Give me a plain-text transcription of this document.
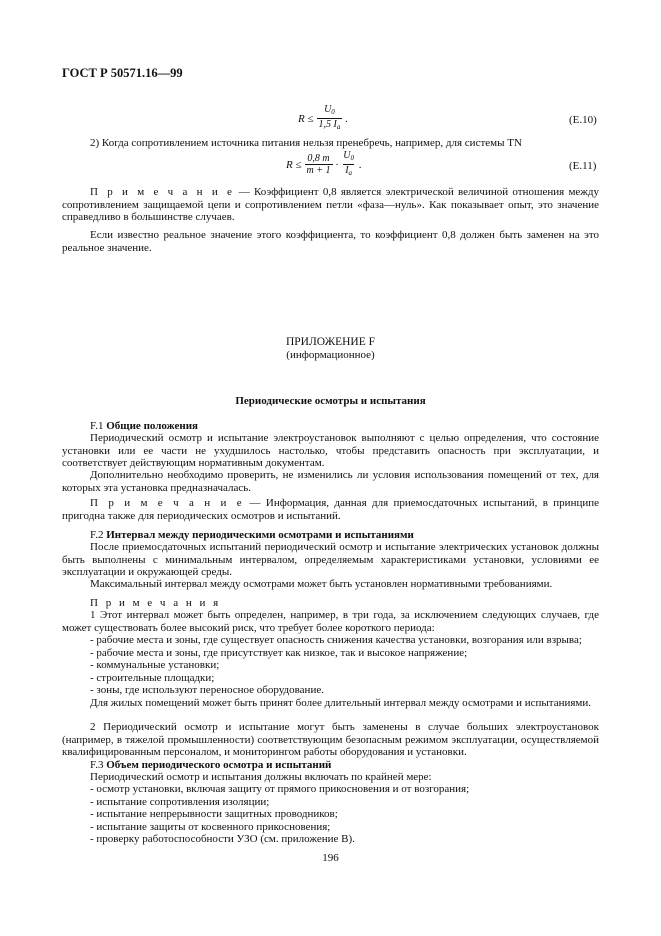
ГОСТ Р 50571.16—99
$R \le \frac{U_0}{1,5 I_a}$ .	(E.10)
2) Когда сопротивлением источника питания нельзя пренебречь, например, для системы TN
$R \le \frac{0,8 m}{m + 1} \cdot \frac{U_0}{I_a}$ .	(E.11)
П р и м е ч а н и е — Коэффициент 0,8 является электрической величиной отношения между сопротивлением защищаемой цепи и сопротивлением петли «фаза—нуль». Как показывает опыт, это значение справедливо в большинстве случаев.
Если известно реальное значение этого коэффициента, то коэффициент 0,8 должен быть заменен на это реальное значение.
ПРИЛОЖЕНИЕ F
(информационное)
Периодические осмотры и испытания
F.1 Общие положения
Периодический осмотр и испытание электроустановок выполняют с целью определения, что состояние установки или ее части не ухудшилось настолько, чтобы представить опасность при эксплуатации, и соответствует действующим нормативным документам.
Дополнительно необходимо проверить, не изменились ли условия использования помещений от тех, для которых эта установка предназначалась.
П р и м е ч а н и е — Информация, данная для приемосдаточных испытаний, в принципе пригодна также для периодических осмотров и испытаний.
F.2 Интервал между периодическими осмотрами и испытаниями
После приемосдаточных испытаний периодический осмотр и испытание электрических установок должны быть выполнены с минимальным интервалом, определяемым характеристиками установки, условиями ее эксплуатации и окружающей среды.
Максимальный интервал между осмотрами может быть установлен нормативными требованиями.
П р и м е ч а н и я
1 Этот интервал может быть определен, например, в три года, за исключением следующих случаев, где может существовать более высокий риск, что требует более короткого периода:
- рабочие места и зоны, где существует опасность снижения качества установки, возгорания или взрыва;
- рабочие места и зоны, где присутствует как низкое, так и высокое напряжение;
- коммунальные установки;
- строительные площадки;
- зоны, где используют переносное оборудование.
Для жилых помещений может быть принят более длительный интервал между осмотрами и испытаниями.
2 Периодический осмотр и испытание могут быть заменены в случае больших электроустановок (например, в тяжелой промышленности) соответствующим безопасным режимом эксплуатации, осуществляемой квалифицированным персоналом, и мониторингом работы оборудования и установки.
F.3 Объем периодического осмотра и испытаний
Периодический осмотр и испытания должны включать по крайней мере:
- осмотр установки, включая защиту от прямого прикосновения и от возгорания;
- испытание сопротивления изоляции;
- испытание непрерывности защитных проводников;
- испытание защиты от косвенного прикосновения;
- проверку работоспособности УЗО (см. приложение В).
196
